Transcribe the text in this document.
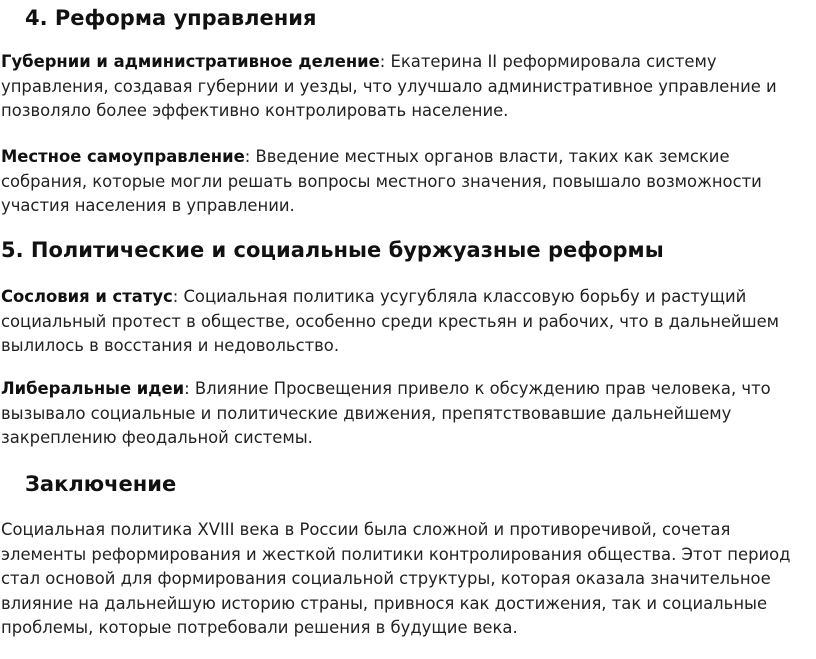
4. Реформа управления

Губернии и административное деление: Екатерина II реформировала систему управления, создавая губернии и уезды, что улучшало административное управление и позволяло более эффективно контролировать население.

Местное самоуправление: Введение местных органов власти, таких как земские собрания, которые могли решать вопросы местного значения, повышало возможности участия населения в управлении.

5. Политические и социальные буржуазные реформы

Сословия и статус: Социальная политика усугубляла классовую борьбу и растущий социальный протест в обществе, особенно среди крестьян и рабочих, что в дальнейшем вылилось в восстания и недовольство.

Либеральные идеи: Влияние Просвещения привело к обсуждению прав человека, что вызывало социальные и политические движения, препятствовавшие дальнейшему закреплению феодальной системы.

Заключение

Социальная политика XVIII века в России была сложной и противоречивой, сочетая элементы реформирования и жесткой политики контролирования общества. Этот период стал основой для формирования социальной структуры, которая оказала значительное влияние на дальнейшую историю страны, привнося как достижения, так и социальные проблемы, которые потребовали решения в будущие века.
